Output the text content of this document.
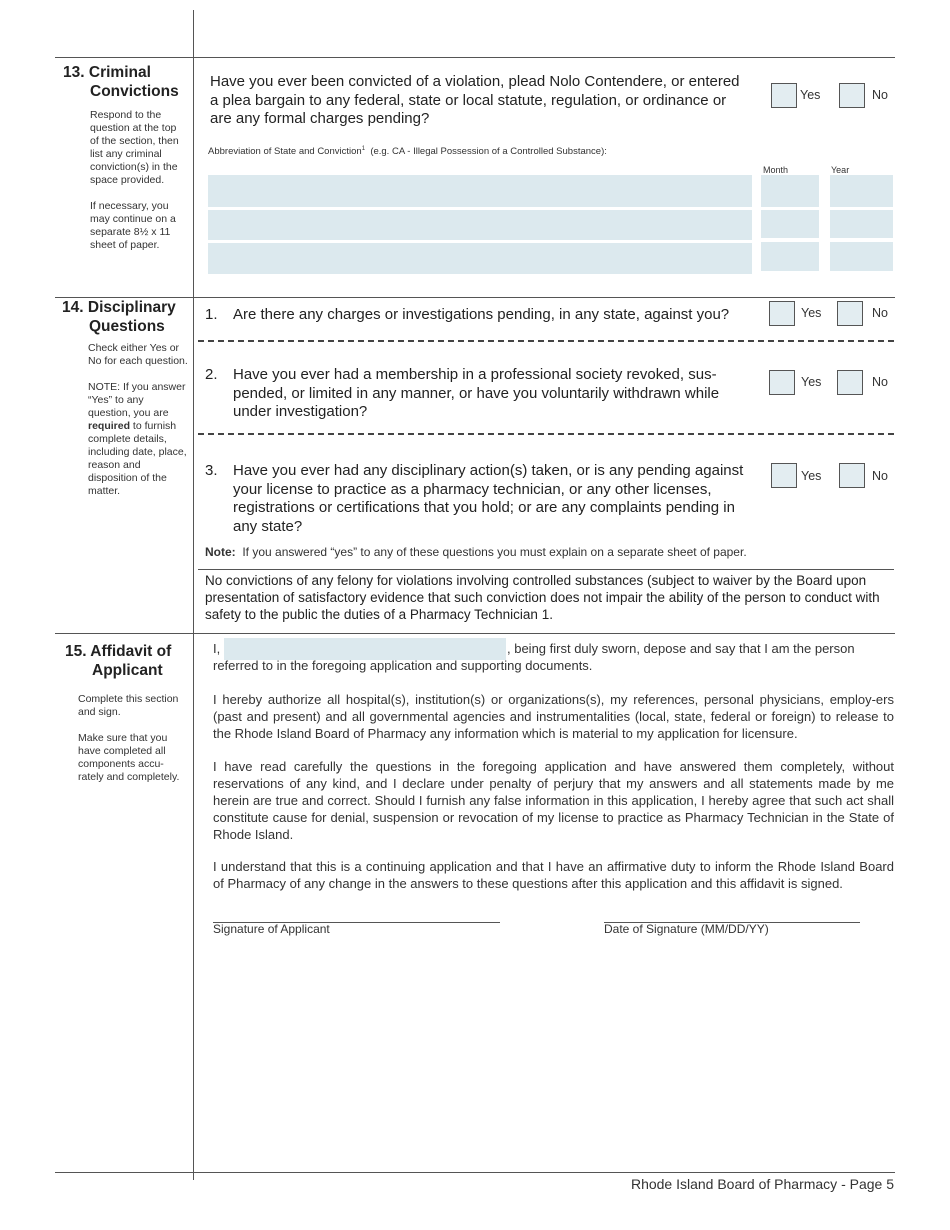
13. Criminal
Convictions

Respond to the question at the top of the section, then list any criminal conviction(s) in the space provided.

If necessary, you may continue on a separate 8½ x 11 sheet of paper.

Have you ever been convicted of a violation, plead Nolo Contendere, or entered a plea bargain to any federal, state or local statute, regulation, or ordinance or are any formal charges pending?
Yes	No
Abbreviation of State and Conviction$^1$ (e.g. CA - Illegal Possession of a Controlled Substance):
Month	Year
14. Disciplinary
Questions

Check either Yes or No for each question.

NOTE: If you answer “Yes” to any question, you are required to furnish complete details, including date, place, reason and disposition of the matter.

1. Are there any charges or investigations pending, in any state, against you?	Yes	No
2. Have you ever had a membership in a professional society revoked, sus-pended, or limited in any manner, or have you voluntarily withdrawn while under investigation?
Yes	No
3. Have you ever had any disciplinary action(s) taken, or is any pending against your license to practice as a pharmacy technician, or any other licenses, registrations or certifications that you hold; or are any complaints pending in any state?
Yes	No
Note: If you answered “yes” to any of these questions you must explain on a separate sheet of paper.
No convictions of any felony for violations involving controlled substances (subject to waiver by the Board upon presentation of satisfactory evidence that such conviction does not impair the ability of the person to conduct with safety to the public the duties of a Pharmacy Technician 1.
15. Affidavit of
Applicant

Complete this section and sign.

Make sure that you have completed all components accu-rately and completely.

I,	, being first duly sworn, depose and say that I am the person
referred to in the foregoing application and supporting documents.
I hereby authorize all hospital(s), institution(s) or organizations(s), my references, personal physicians, employ-ers (past and present) and all governmental agencies and instrumentalities (local, state, federal or foreign) to release to the Rhode Island Board of Pharmacy any information which is material to my application for licensure.
I have read carefully the questions in the foregoing application and have answered them completely, without reservations of any kind, and I declare under penalty of perjury that my answers and all statements made by me herein are true and correct. Should I furnish any false information in this application, I hereby agree that such act shall constitute cause for denial, suspension or revocation of my license to practice as Pharmacy Technician in the State of Rhode Island.
I understand that this is a continuing application and that I have an affirmative duty to inform the Rhode Island Board of Pharmacy of any change in the answers to these questions after this application and this affidavit is signed.
Signature of Applicant	Date of Signature (MM/DD/YY)
Rhode Island Board of Pharmacy - Page 5
